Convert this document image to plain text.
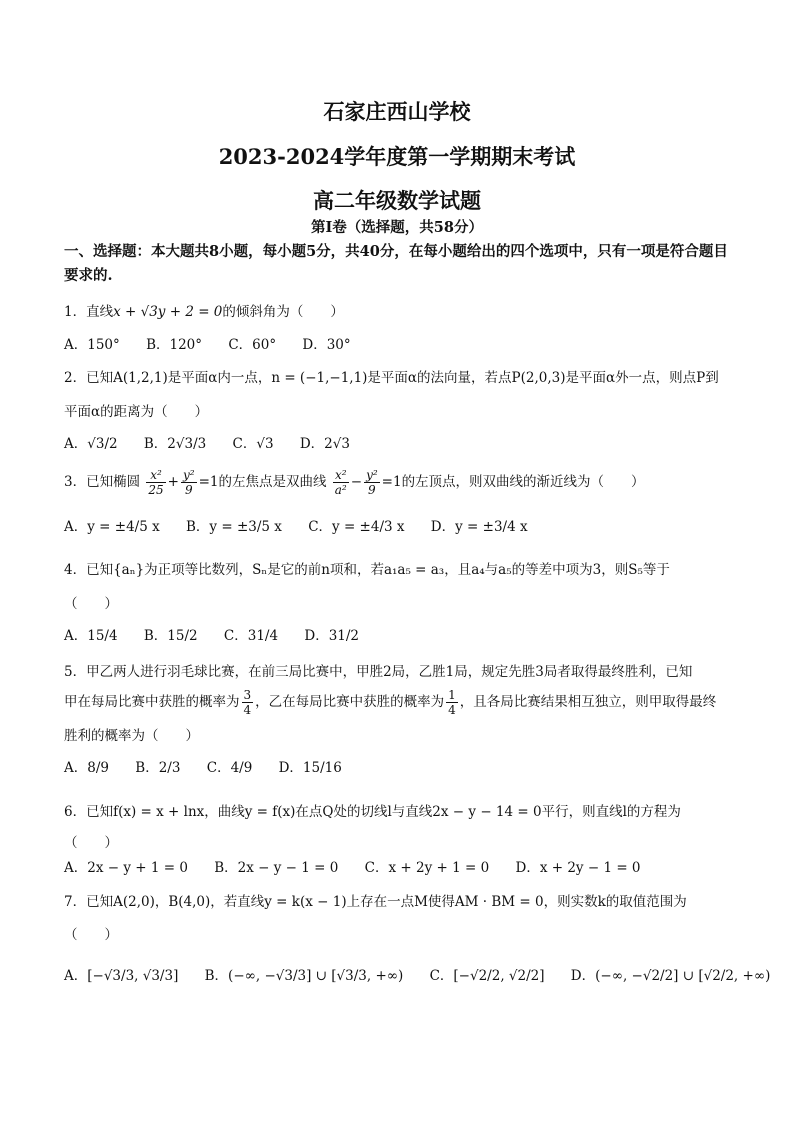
石家庄西山学校
2023-2024学年度第一学期期末考试
高二年级数学试题
第Ⅰ卷（选择题，共58分）
一、选择题：本大题共8小题，每小题5分，共40分，在每小题给出的四个选项中，只有一项是符合题目要求的.
1．直线x + √3y + 2 = 0的倾斜角为（　　）
A．150° B．120° C．60° D．30°
2．已知A(1,2,1)是平面α内一点，n = (−1,−1,1)是平面α的法向量，若点P(2,0,3)是平面α外一点，则点P到
平面α的距离为（　　）
A．√3/2 B．2√3/3 C．√3 D．2√3
3．已知椭圆 $\frac{\text{x²}}{25} + \frac{\text{y²}}{9} =1$的左焦点是双曲线 $\frac{\text{x²}}{\text{a²}} - \frac{\text{y²}}{9} =1$的左顶点，则双曲线的渐近线为（　　）
A．y = ±4/5 x B．y = ±3/5 x C．y = ±4/3 x D．y = ±3/4 x
4．已知{aₙ}为正项等比数列，Sₙ是它的前n项和，若a₁a₅ = a₃，且a₄与a₅的等差中项为3，则S₅等于
（　　）
A．15/4 B．15/2 C．31/4 D．31/2
5．甲乙两人进行羽毛球比赛，在前三局比赛中，甲胜2局，乙胜1局，规定先胜3局者取得最终胜利，已知
甲在每局比赛中获胜的概率为 $\frac{3}{4}$ ，乙在每局比赛中获胜的概率为 $\frac{1}{4}$ ，且各局比赛结果相互独立，则甲取得最终
胜利的概率为（　　）
A．8/9 B．2/3 C．4/9 D．15/16
6．已知f(x) = x + lnx，曲线y = f(x)在点Q处的切线l与直线2x − y − 14 = 0平行，则直线l的方程为
（　　）
A．2x − y + 1 = 0 B．2x − y − 1 = 0 C．x + 2y + 1 = 0 D．x + 2y − 1 = 0
7．已知A(2,0)，B(4,0)，若直线y = k(x − 1)上存在一点M使得AM · BM = 0，则实数k的取值范围为
（　　）
A．[−√3/3, √3/3] B．(−∞, −√3/3] ∪ [√3/3, +∞) C．[−√2/2, √2/2] D．(−∞, −√2/2] ∪ [√2/2, +∞)
